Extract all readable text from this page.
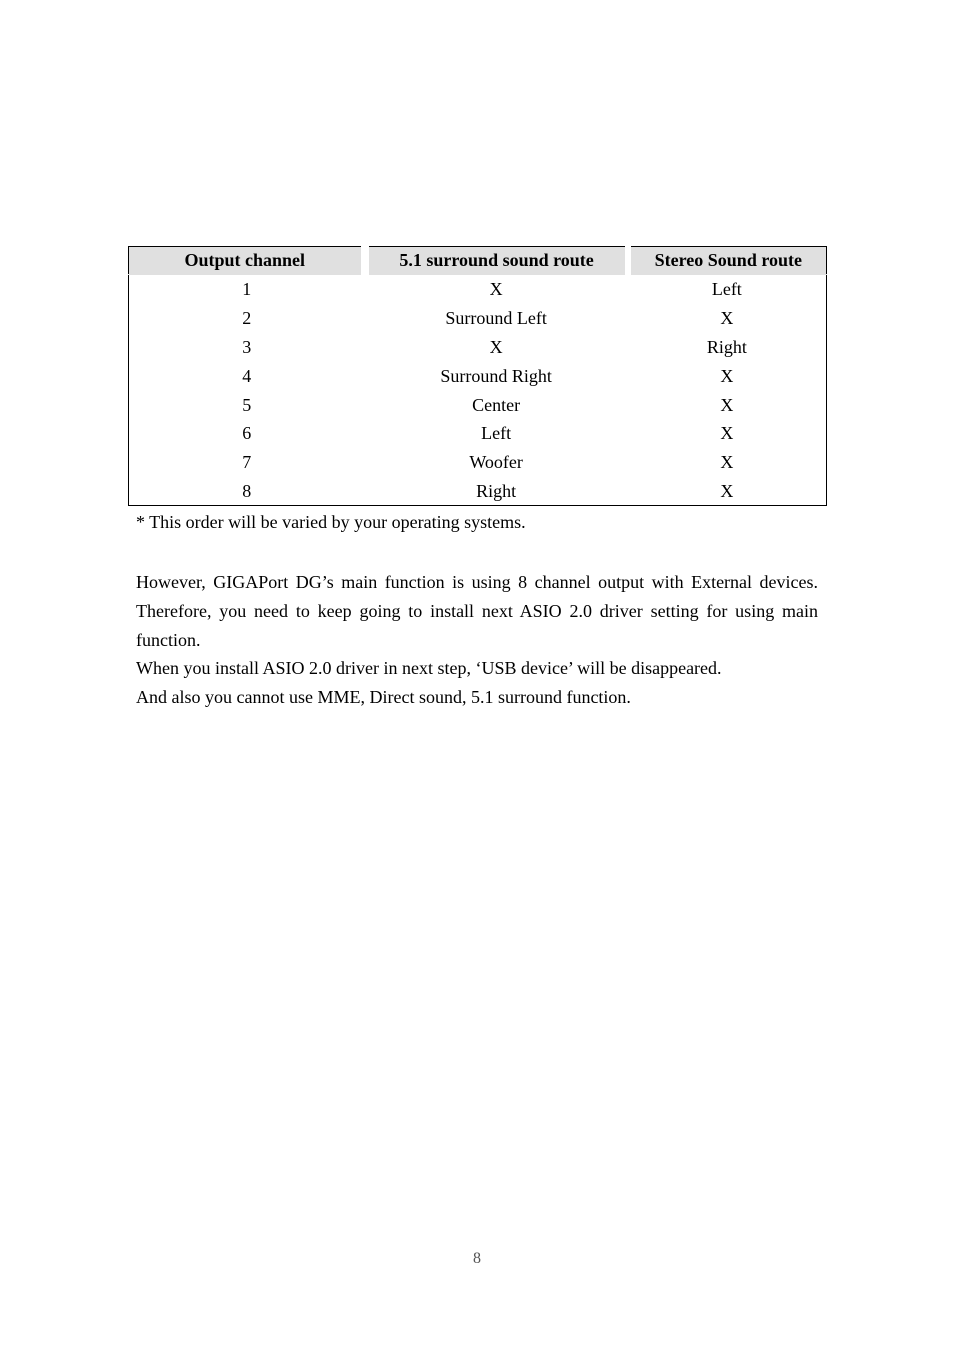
Output channel	5.1 surround sound route	Stereo Sound route
1	X	Left
2	Surround Left	X
3	X	Right
4	Surround Right	X
5	Center	X
6	Left	X
7	Woofer	X
8	Right	X

* This order will be varied by your operating systems.

However, GIGAPort DG’s main function is using 8 channel output with External devices. Therefore, you need to keep going to install next ASIO 2.0 driver setting for using main function.

When you install ASIO 2.0 driver in next step, ‘USB device’ will be disappeared.

And also you cannot use MME, Direct sound, 5.1 surround function.

8
